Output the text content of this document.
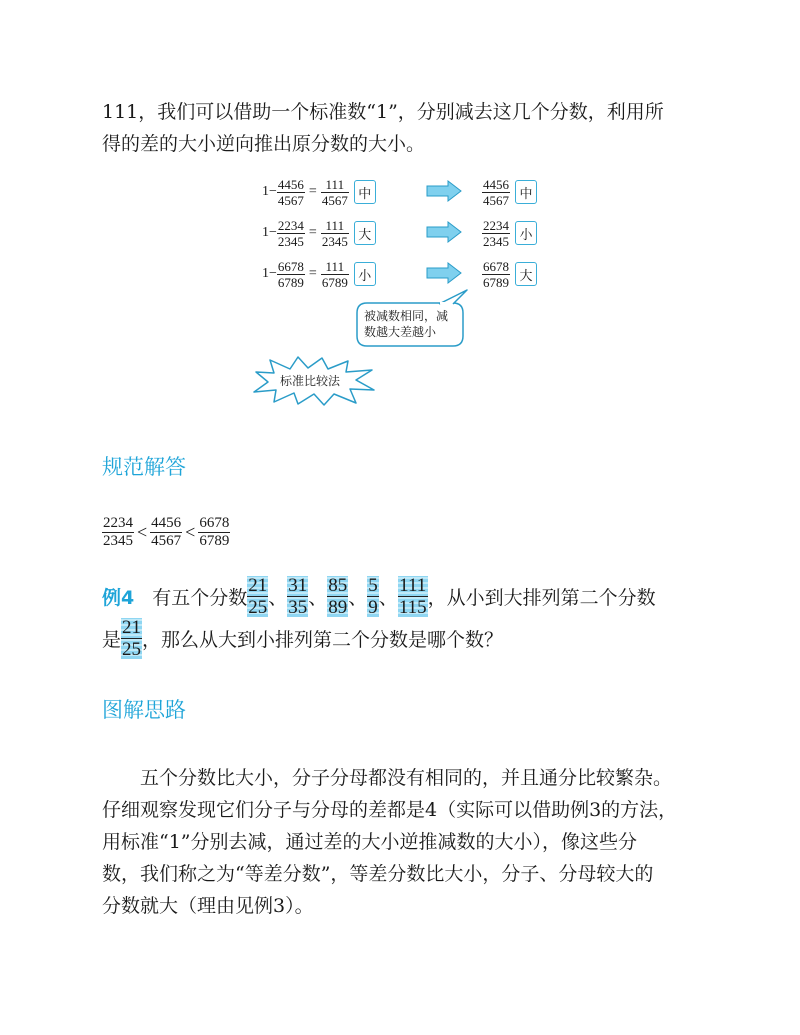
111，我们可以借助一个标准数“1”，分别减去这几个分数，利用所
得的差的大小逆向推出原分数的大小。
$1- \frac{4456}{4567} = \frac{111}{4567}$ 中
$1- \frac{2234}{2345} = \frac{111}{2345}$ 大
$1- \frac{6678}{6789} = \frac{111}{6789}$ 小
$\frac{4456}{4567}$ 中
$\frac{2234}{2345}$ 小
$\frac{6678}{6789}$ 大
被减数相同，减
数越大差越小
标准比较法
规范解答
$\frac{2234}{2345} < \frac{4456}{4567} < \frac{6678}{6789}$
例4 有五个分数 $\frac{21}{25}$ 、 $\frac{31}{35}$ 、 $\frac{85}{89}$ 、 $\frac{5}{9}$ 、 $\frac{111}{115}$ ，从小到大排列第二个分数
是 $\frac{21}{25}$ ，那么从大到小排列第二个分数是哪个数？
图解思路
五个分数比大小，分子分母都没有相同的，并且通分比较繁杂。
仔细观察发现它们分子与分母的差都是4（实际可以借助例3的方法，
用标准“1”分别去减，通过差的大小逆推减数的大小），像这些分
数，我们称之为“等差分数”，等差分数比大小，分子、分母较大的
分数就大（理由见例3）。
